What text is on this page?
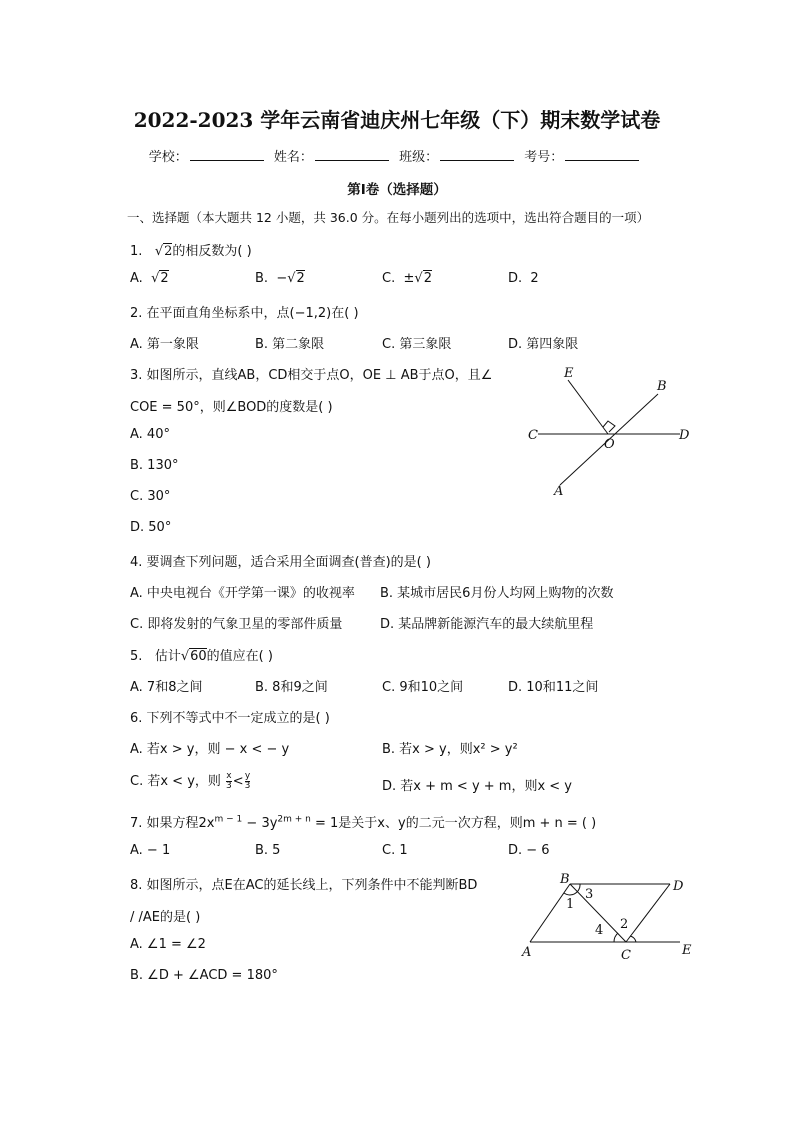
2022-2023 学年云南省迪庆州七年级（下）期末数学试卷
学校：	姓名：	班级：	考号：
第Ⅰ卷（选择题）
一、选择题（本大题共 12 小题，共 36.0 分。在每小题列出的选项中，选出符合题目的一项）
1. √2的相反数为( )
A. √2	B. −√2	C. ±√2	D. 2
2. 在平面直角坐标系中，点(−1,2)在( )
A. 第一象限	B. 第二象限	C. 第三象限	D. 第四象限
3. 如图所示，直线AB，CD相交于点O，OE ⊥ AB于点O，且∠
COE = 50°，则∠BOD的度数是( )
A. 40°
B. 130°
C. 30°
D. 50°
E
B
C
O
D
A
4. 要调查下列问题，适合采用全面调查(普查)的是( )
A. 中央电视台《开学第一课》的收视率 B. 某城市居民6月份人均网上购物的次数
C. 即将发射的气象卫星的零部件质量	D. 某品牌新能源汽车的最大续航里程
5. 估计√60的值应在( )
A. 7和8之间	B. 8和9之间	C. 9和10之间	D. 10和11之间
6. 下列不等式中不一定成立的是( )
A. 若x > y，则 − x < − y	B. 若x > y，则x² > y²
C. 若x < y，则 $\frac{x}{3} < \frac{y}{3}$	D. 若x + m < y + m，则x < y
7. 如果方程$2x^{m - 1} - 3y^{2m + n} = 1$是关于x、y的二元一次方程，则m + n = ( )
A. − 1	B. 5	C. 1	D. − 6
8. 如图所示，点E在AC的延长线上，下列条件中不能判断BD
/ /AE的是( )
A. ∠1 = ∠2
B. ∠D + ∠ACD = 180°
B	D
A	C	E
1
3
2
4
